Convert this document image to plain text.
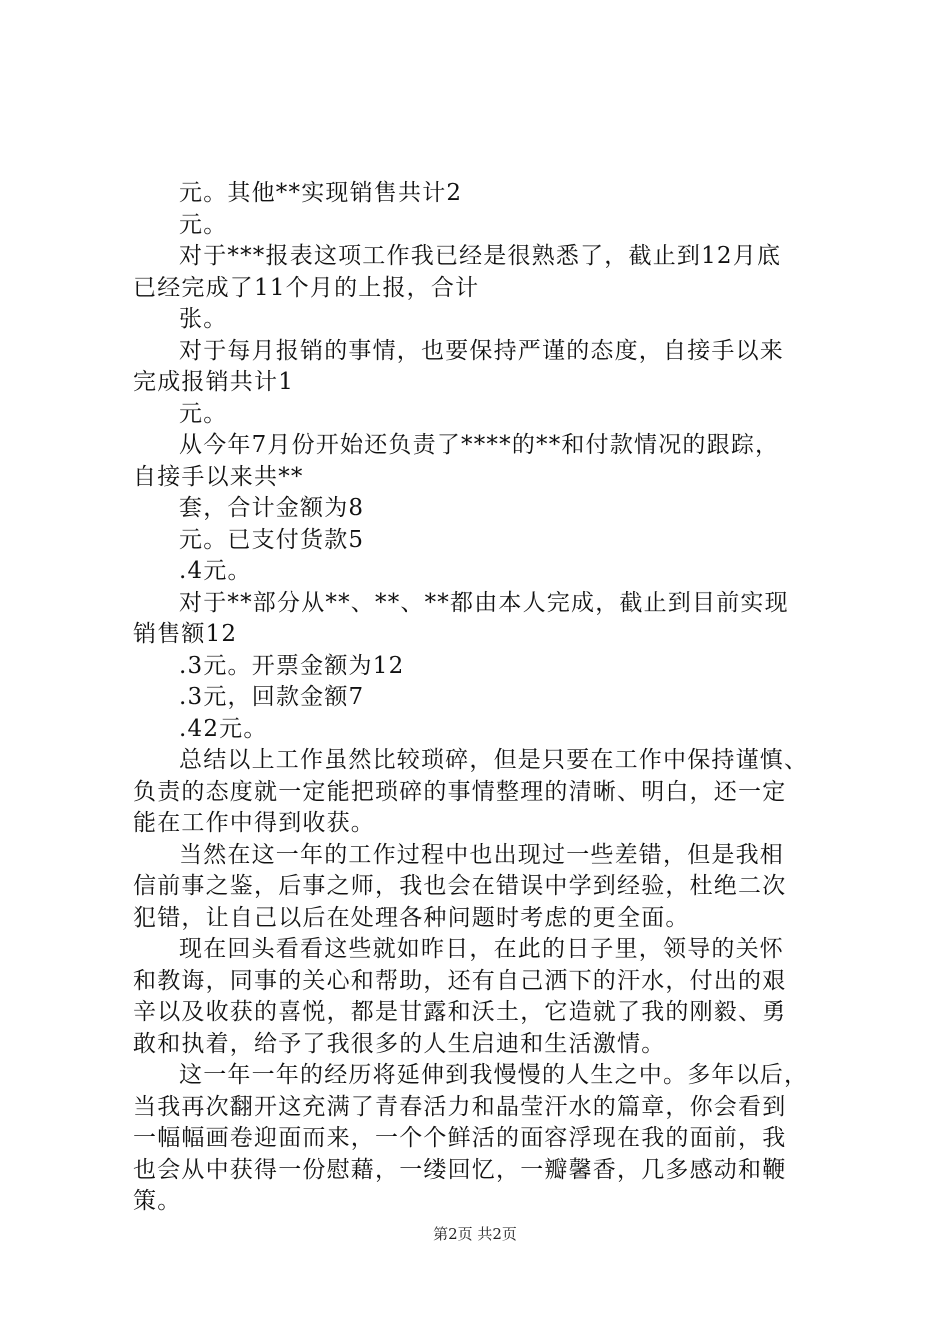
元。其他**实现销售共计2
元。
对于***报表这项工作我已经是很熟悉了，截止到12月底
已经完成了11个月的上报，合计
张。
对于每月报销的事情，也要保持严谨的态度，自接手以来
完成报销共计1
元。
从今年7月份开始还负责了****的**和付款情况的跟踪，
自接手以来共**
套，合计金额为8
元。已支付货款5
.4元。
对于**部分从**、**、**都由本人完成，截止到目前实现
销售额12
.3元。开票金额为12
.3元，回款金额7
.42元。
总结以上工作虽然比较琐碎，但是只要在工作中保持谨慎、
负责的态度就一定能把琐碎的事情整理的清晰、明白，还一定
能在工作中得到收获。
当然在这一年的工作过程中也出现过一些差错，但是我相
信前事之鉴，后事之师，我也会在错误中学到经验，杜绝二次
犯错，让自己以后在处理各种问题时考虑的更全面。
现在回头看看这些就如昨日，在此的日子里，领导的关怀
和教诲，同事的关心和帮助，还有自己洒下的汗水，付出的艰
辛以及收获的喜悦，都是甘露和沃土，它造就了我的刚毅、勇
敢和执着，给予了我很多的人生启迪和生活激情。
这一年一年的经历将延伸到我慢慢的人生之中。多年以后，
当我再次翻开这充满了青春活力和晶莹汗水的篇章，你会看到
一幅幅画卷迎面而来，一个个鲜活的面容浮现在我的面前，我
也会从中获得一份慰藉，一缕回忆，一瓣馨香，几多感动和鞭
策。
第2页 共2页
